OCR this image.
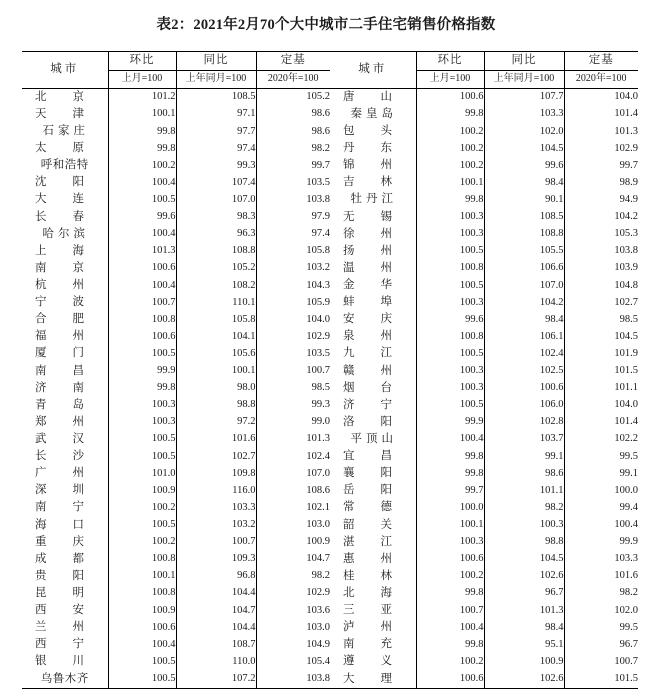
表2：2021年2月70个大中城市二手住宅销售价格指数
城市	环比	同比	定基
	上月=100	上年同月=100	2020年=100
北京	101.2	108.5	105.2
天津	100.1	97.1	98.6
石家庄	99.8	97.7	98.6
太原	99.8	97.4	98.2
呼和浩特	100.2	99.3	99.7
沈阳	100.4	107.4	103.5
大连	100.5	107.0	103.8
长春	99.6	98.3	97.9
哈尔滨	100.4	96.3	97.4
上海	101.3	108.8	105.8
南京	100.6	105.2	103.2
杭州	100.4	108.2	104.3
宁波	100.7	110.1	105.9
合肥	100.8	105.8	104.0
福州	100.6	104.1	102.9
厦门	100.5	105.6	103.5
南昌	99.9	100.1	100.7
济南	99.8	98.0	98.5
青岛	100.3	98.8	99.3
郑州	100.3	97.2	99.0
武汉	100.5	101.6	101.3
长沙	100.5	102.7	102.4
广州	101.0	109.8	107.0
深圳	100.9	116.0	108.6
南宁	100.2	103.3	102.1
海口	100.5	103.2	103.0
重庆	100.2	100.7	100.9
成都	100.8	109.3	104.7
贵阳	100.1	96.8	98.2
昆明	100.8	104.4	102.9
西安	100.9	104.7	103.6
兰州	100.6	104.4	103.0
西宁	100.4	108.7	104.9
银川	100.5	110.0	105.4
乌鲁木齐	100.5	107.2	103.8
城市	环比	同比	定基
	上月=100	上年同月=100	2020年=100
唐山	100.6	107.7	104.0
秦皇岛	99.8	103.3	101.4
包头	100.2	102.0	101.3
丹东	100.2	104.5	102.9
锦州	100.2	99.6	99.7
吉林	100.1	98.4	98.9
牡丹江	99.8	90.1	94.9
无锡	100.3	108.5	104.2
徐州	100.3	108.8	105.3
扬州	100.5	105.5	103.8
温州	100.8	106.6	103.9
金华	100.5	107.0	104.8
蚌埠	100.3	104.2	102.7
安庆	99.6	98.4	98.5
泉州	100.8	106.1	104.5
九江	100.5	102.4	101.9
赣州	100.3	102.5	101.5
烟台	100.3	100.6	101.1
济宁	100.5	106.0	104.0
洛阳	99.9	102.8	101.4
平顶山	100.4	103.7	102.2
宜昌	99.8	99.1	99.5
襄阳	99.8	98.6	99.1
岳阳	99.7	101.1	100.0
常德	100.0	98.2	99.4
韶关	100.1	100.3	100.4
湛江	100.3	98.8	99.9
惠州	100.6	104.5	103.3
桂林	100.2	102.6	101.6
北海	99.8	96.7	98.2
三亚	100.7	101.3	102.0
泸州	100.4	98.4	99.5
南充	99.8	95.1	96.7
遵义	100.2	100.9	100.7
大理	100.6	102.6	101.5
